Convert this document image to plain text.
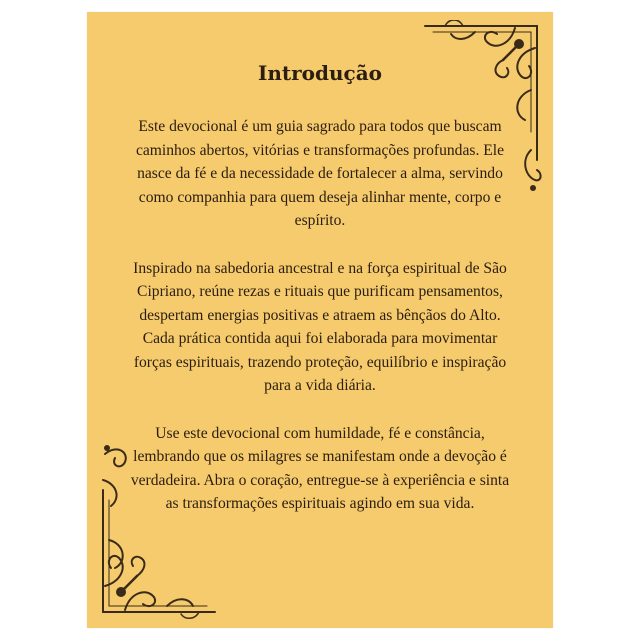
Introdução

Este devocional é um guia sagrado para todos que buscam caminhos abertos, vitórias e transformações profundas. Ele nasce da fé e da necessidade de fortalecer a alma, servindo como companhia para quem deseja alinhar mente, corpo e espírito.

Inspirado na sabedoria ancestral e na força espiritual de São Cipriano, reúne rezas e rituais que purificam pensamentos, despertam energias positivas e atraem as bênçãos do Alto. Cada prática contida aqui foi elaborada para movimentar forças espirituais, trazendo proteção, equilíbrio e inspiração para a vida diária.

Use este devocional com humildade, fé e constância, lembrando que os milagres se manifestam onde a devoção é verdadeira. Abra o coração, entregue-se à experiência e sinta as transformações espirituais agindo em sua vida.
